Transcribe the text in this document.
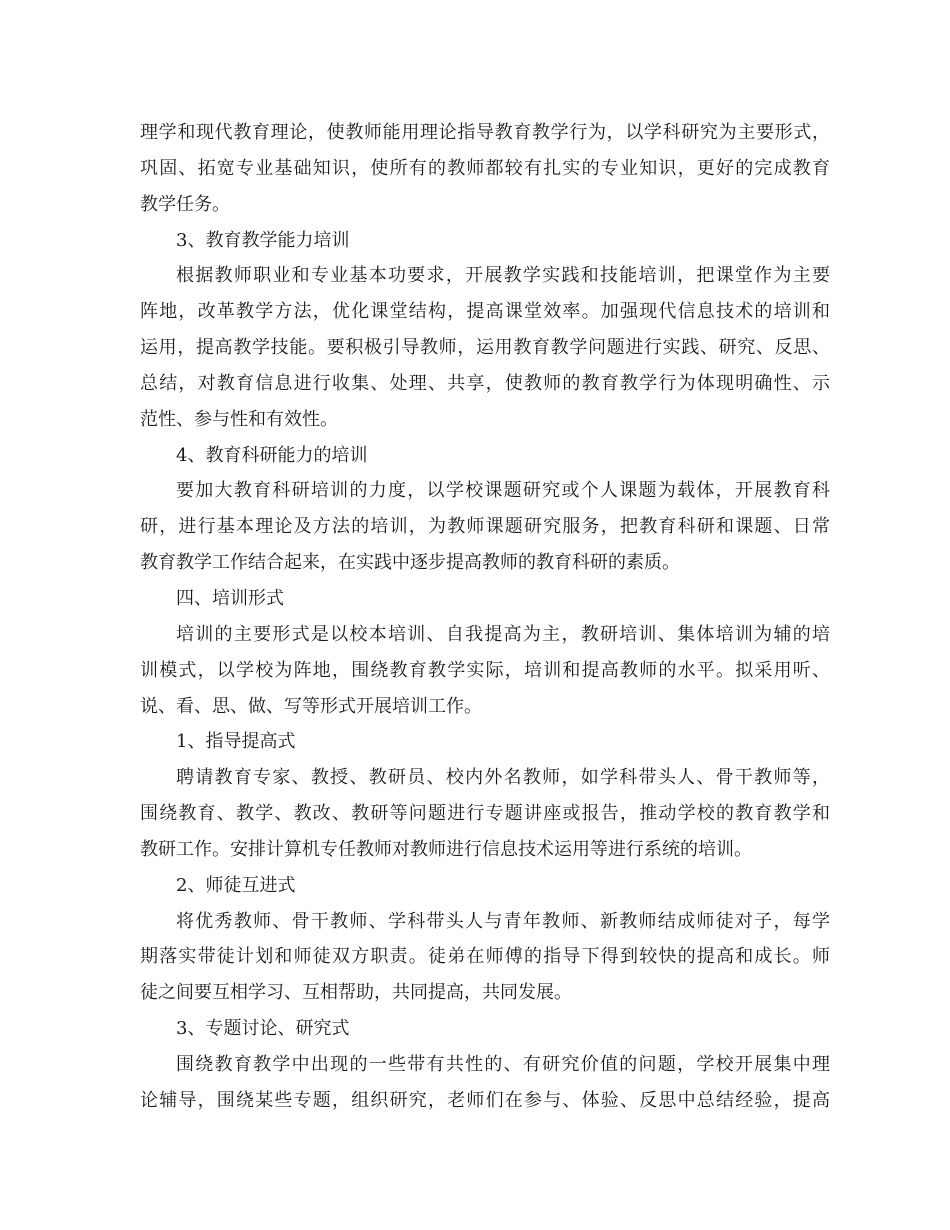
理学和现代教育理论，使教师能用理论指导教育教学行为，以学科研究为主要形式，
巩固、拓宽专业基础知识，使所有的教师都较有扎实的专业知识，更好的完成教育
教学任务。
3、教育教学能力培训
根据教师职业和专业基本功要求，开展教学实践和技能培训，把课堂作为主要
阵地，改革教学方法，优化课堂结构，提高课堂效率。加强现代信息技术的培训和
运用，提高教学技能。要积极引导教师，运用教育教学问题进行实践、研究、反思、
总结，对教育信息进行收集、处理、共享，使教师的教育教学行为体现明确性、示
范性、参与性和有效性。
4、教育科研能力的培训
要加大教育科研培训的力度，以学校课题研究或个人课题为载体，开展教育科
研，进行基本理论及方法的培训，为教师课题研究服务，把教育科研和课题、日常
教育教学工作结合起来，在实践中逐步提高教师的教育科研的素质。
四、培训形式
培训的主要形式是以校本培训、自我提高为主，教研培训、集体培训为辅的培
训模式，以学校为阵地，围绕教育教学实际，培训和提高教师的水平。拟采用听、
说、看、思、做、写等形式开展培训工作。
1、指导提高式
聘请教育专家、教授、教研员、校内外名教师，如学科带头人、骨干教师等，
围绕教育、教学、教改、教研等问题进行专题讲座或报告，推动学校的教育教学和
教研工作。安排计算机专任教师对教师进行信息技术运用等进行系统的培训。
2、师徒互进式
将优秀教师、骨干教师、学科带头人与青年教师、新教师结成师徒对子，每学
期落实带徒计划和师徒双方职责。徒弟在师傅的指导下得到较快的提高和成长。师
徒之间要互相学习、互相帮助，共同提高，共同发展。
3、专题讨论、研究式
围绕教育教学中出现的一些带有共性的、有研究价值的问题，学校开展集中理
论辅导，围绕某些专题，组织研究，老师们在参与、体验、反思中总结经验，提高
